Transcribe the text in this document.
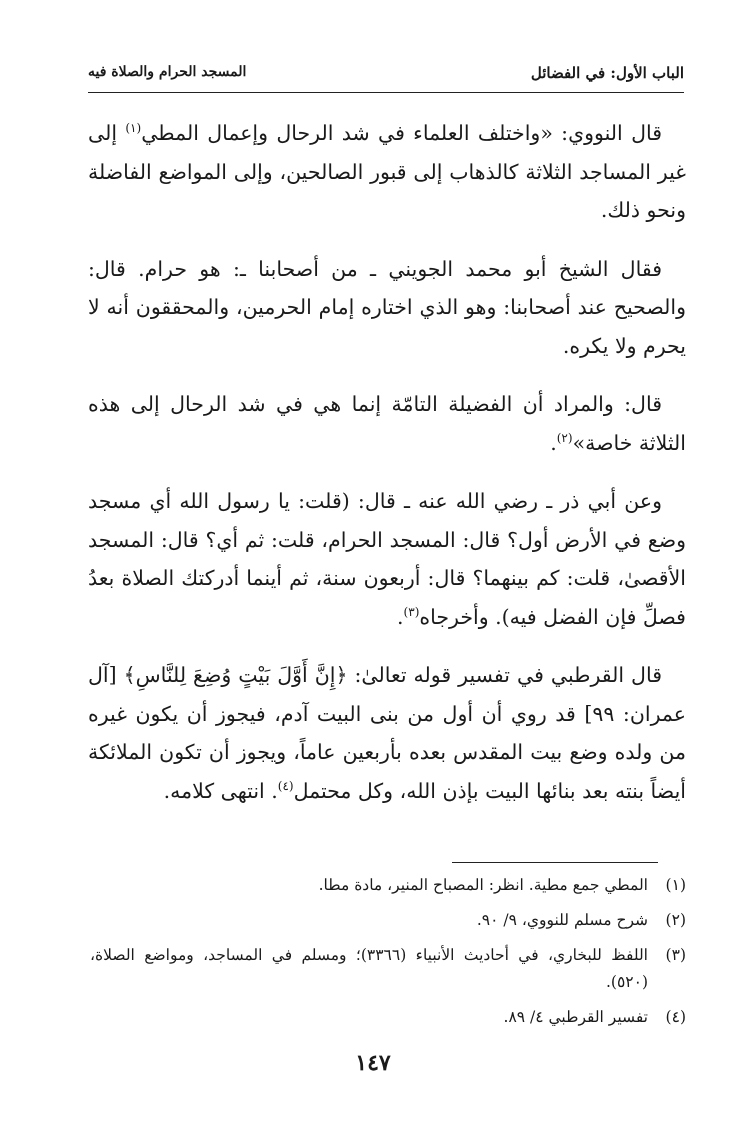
الباب الأول: في الفضائل
المسجد الحرام والصلاة فيه

قال النووي: «واختلف العلماء في شد الرحال وإعمال المطي$^{(١)}$ إلى غير المساجد الثلاثة كالذهاب إلى قبور الصالحين، وإلى المواضع الفاضلة ونحو ذلك.

فقال الشيخ أبو محمد الجويني ـ من أصحابنا ـ: هو حرام. قال: والصحيح عند أصحابنا: وهو الذي اختاره إمام الحرمين، والمحققون أنه لا يحرم ولا يكره.

قال: والمراد أن الفضيلة التامّة إنما هي في شد الرحال إلى هذه الثلاثة خاصة»$^{(٢)}$.

وعن أبي ذر ـ رضي الله عنه ـ قال: (قلت: يا رسول الله أي مسجد وضع في الأرض أول؟ قال: المسجد الحرام، قلت: ثم أي؟ قال: المسجد الأقصىٰ، قلت: كم بينهما؟ قال: أربعون سنة، ثم أينما أدركتك الصلاة بعدُ فصلِّ فإن الفضل فيه). وأخرجاه$^{(٣)}$.

قال القرطبي في تفسير قوله تعالىٰ: ﴿إِنَّ أَوَّلَ بَيْتٍ وُضِعَ لِلنَّاسِ﴾ [آل عمران: ٩٩] قد روي أن أول من بنى البيت آدم، فيجوز أن يكون غيره من ولده وضع بيت المقدس بعده بأربعين عاماً، ويجوز أن تكون الملائكة أيضاً بنته بعد بنائها البيت بإذن الله، وكل محتمل$^{(٤)}$. انتهى كلامه.

(١)
المطي جمع مطية. انظر: المصباح المنير، مادة مطا.
(٢)
شرح مسلم للنووي، ٩/ ٩٠.
(٣)
اللفظ للبخاري، في أحاديث الأنبياء (٣٣٦٦)؛ ومسلم في المساجد، ومواضع الصلاة، (٥٢٠).
(٤)
تفسير القرطبي ٤/ ٨٩.
١٤٧
